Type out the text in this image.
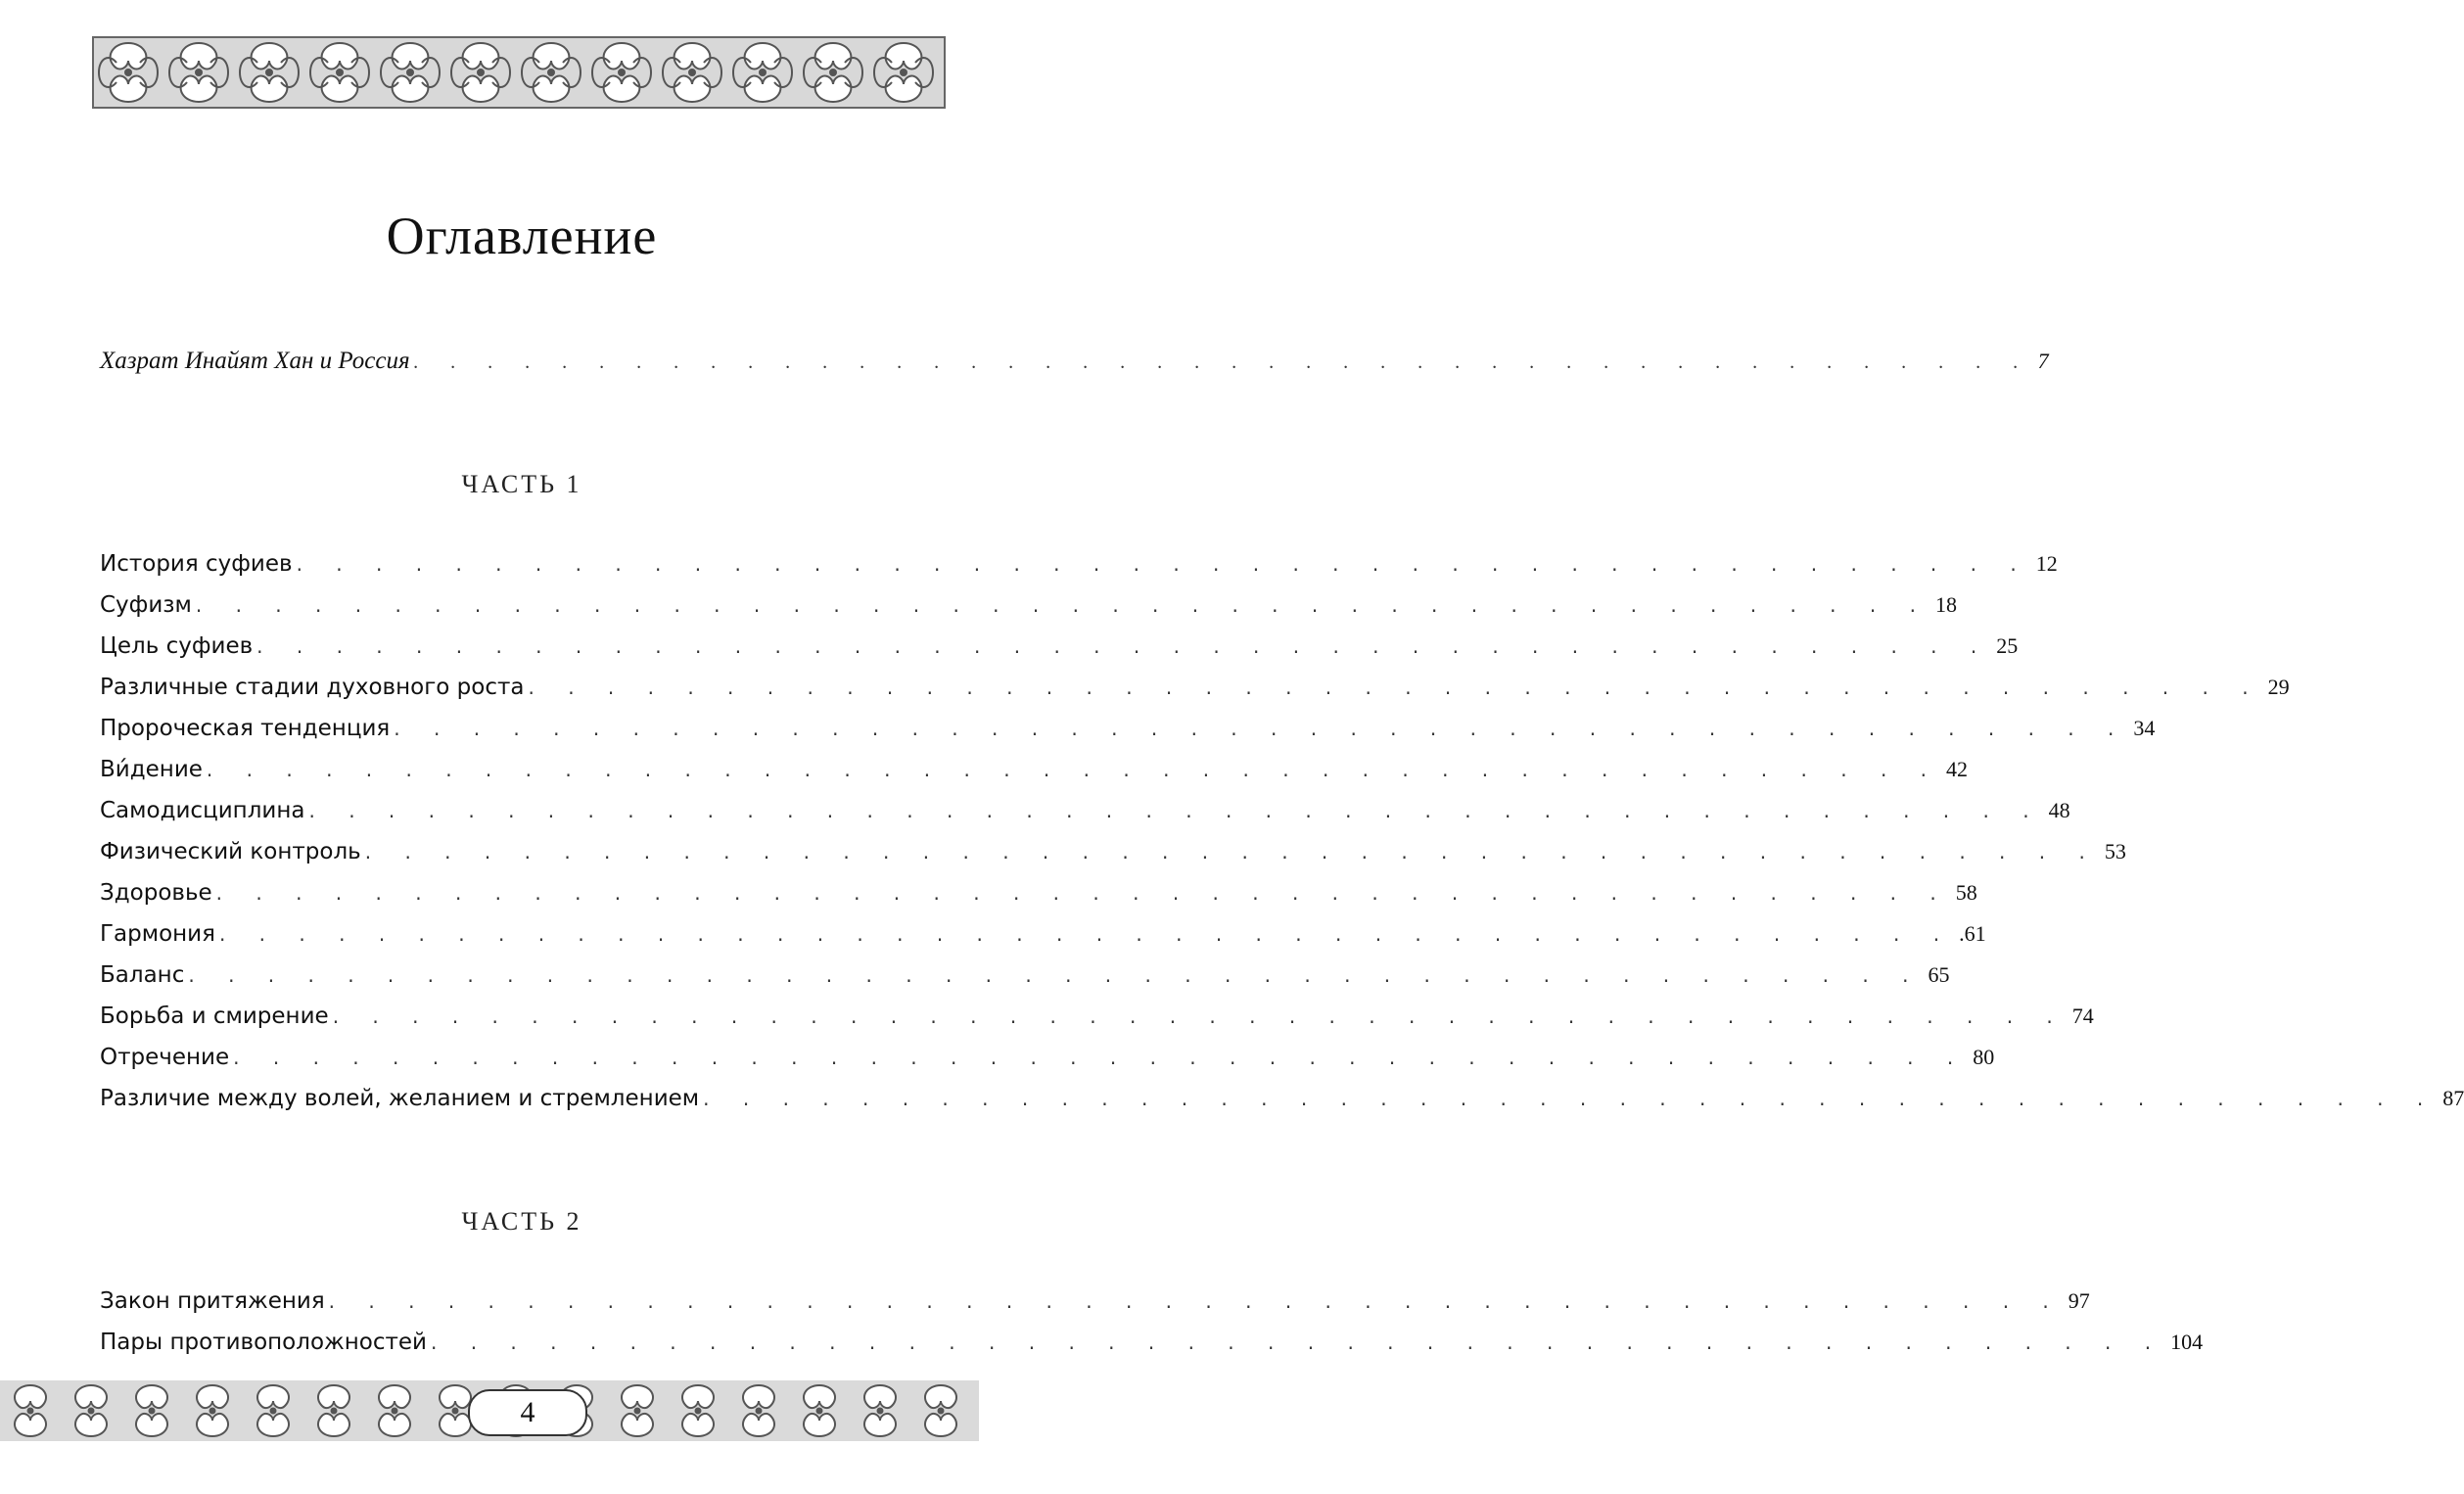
Оглавление
Хазрат Инайят Хан и Россия . . . . . . . . . . . . . . . . . . . . . . . . . . . . . . . . . . . . . . . . . . . . 7
ЧАСТЬ 1
История суфиев . . . . . . . . . . . . . . . . . . . . . . . . . . . . . . . . . . . . . . . . . . . . 12
Суфизм . . . . . . . . . . . . . . . . . . . . . . . . . . . . . . . . . . . . . . . . . . . . 18
Цель суфиев . . . . . . . . . . . . . . . . . . . . . . . . . . . . . . . . . . . . . . . . . . . . 25
Различные стадии духовного роста . . . . . . . . . . . . . . . . . . . . . . . . . . . . . . . . . . . . . . . . . . . . 29
Пророческая тенденция . . . . . . . . . . . . . . . . . . . . . . . . . . . . . . . . . . . . . . . . . . . . 34
Ви́дение . . . . . . . . . . . . . . . . . . . . . . . . . . . . . . . . . . . . . . . . . . . . 42
Самодисциплина . . . . . . . . . . . . . . . . . . . . . . . . . . . . . . . . . . . . . . . . . . . . 48
Физический контроль . . . . . . . . . . . . . . . . . . . . . . . . . . . . . . . . . . . . . . . . . . . . 53
Здоровье . . . . . . . . . . . . . . . . . . . . . . . . . . . . . . . . . . . . . . . . . . . . 58
Гармония . . . . . . . . . . . . . . . . . . . . . . . . . . . . . . . . . . . . . . . . . . . . .61
Баланс . . . . . . . . . . . . . . . . . . . . . . . . . . . . . . . . . . . . . . . . . . . . 65
Борьба и смирение . . . . . . . . . . . . . . . . . . . . . . . . . . . . . . . . . . . . . . . . . . . . 74
Отречение . . . . . . . . . . . . . . . . . . . . . . . . . . . . . . . . . . . . . . . . . . . . 80
Различие между волей, желанием и стремлением . . . . . . . . . . . . . . . . . . . . . . . . . . . . . . . . . . . . . . . . . . . . 87
ЧАСТЬ 2
Закон притяжения . . . . . . . . . . . . . . . . . . . . . . . . . . . . . . . . . . . . . . . . . . . . 97
Пары противоположностей . . . . . . . . . . . . . . . . . . . . . . . . . . . . . . . . . . . . . . . . . . . . 104
4
